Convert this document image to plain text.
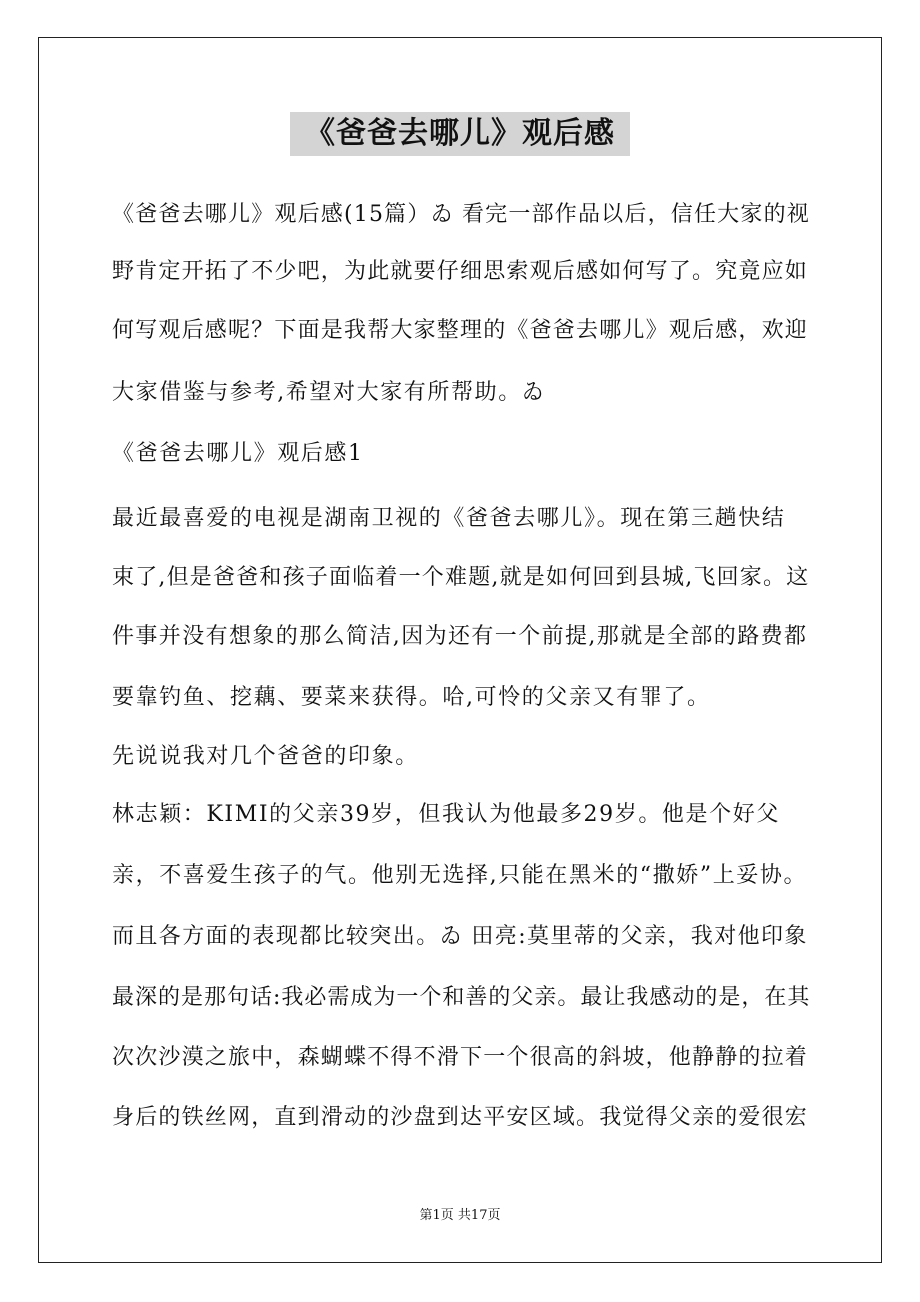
《爸爸去哪儿》观后感
《爸爸去哪儿》观后感(15篇）ゐ 看完一部作品以后，信任大家的视
野肯定开拓了不少吧，为此就要仔细思索观后感如何写了。究竟应如
何写观后感呢？下面是我帮大家整理的《爸爸去哪儿》观后感，欢迎
大家借鉴与参考,希望对大家有所帮助。ゐ
《爸爸去哪儿》观后感1
最近最喜爱的电视是湖南卫视的《爸爸去哪儿》。现在第三趟快结
束了,但是爸爸和孩子面临着一个难题,就是如何回到县城,飞回家。这
件事并没有想象的那么简洁,因为还有一个前提,那就是全部的路费都
要靠钓鱼、挖藕、要菜来获得。哈,可怜的父亲又有罪了。
先说说我对几个爸爸的印象。
林志颖：KIMI的父亲39岁，但我认为他最多29岁。他是个好父
亲，不喜爱生孩子的气。他别无选择,只能在黑米的“撒娇”上妥协。
而且各方面的表现都比较突出。ゐ 田亮:莫里蒂的父亲，我对他印象
最深的是那句话:我必需成为一个和善的父亲。最让我感动的是，在其
次次沙漠之旅中，森蝴蝶不得不滑下一个很高的斜坡，他静静的拉着
身后的铁丝网，直到滑动的沙盘到达平安区域。我觉得父亲的爱很宏
第1页 共17页
